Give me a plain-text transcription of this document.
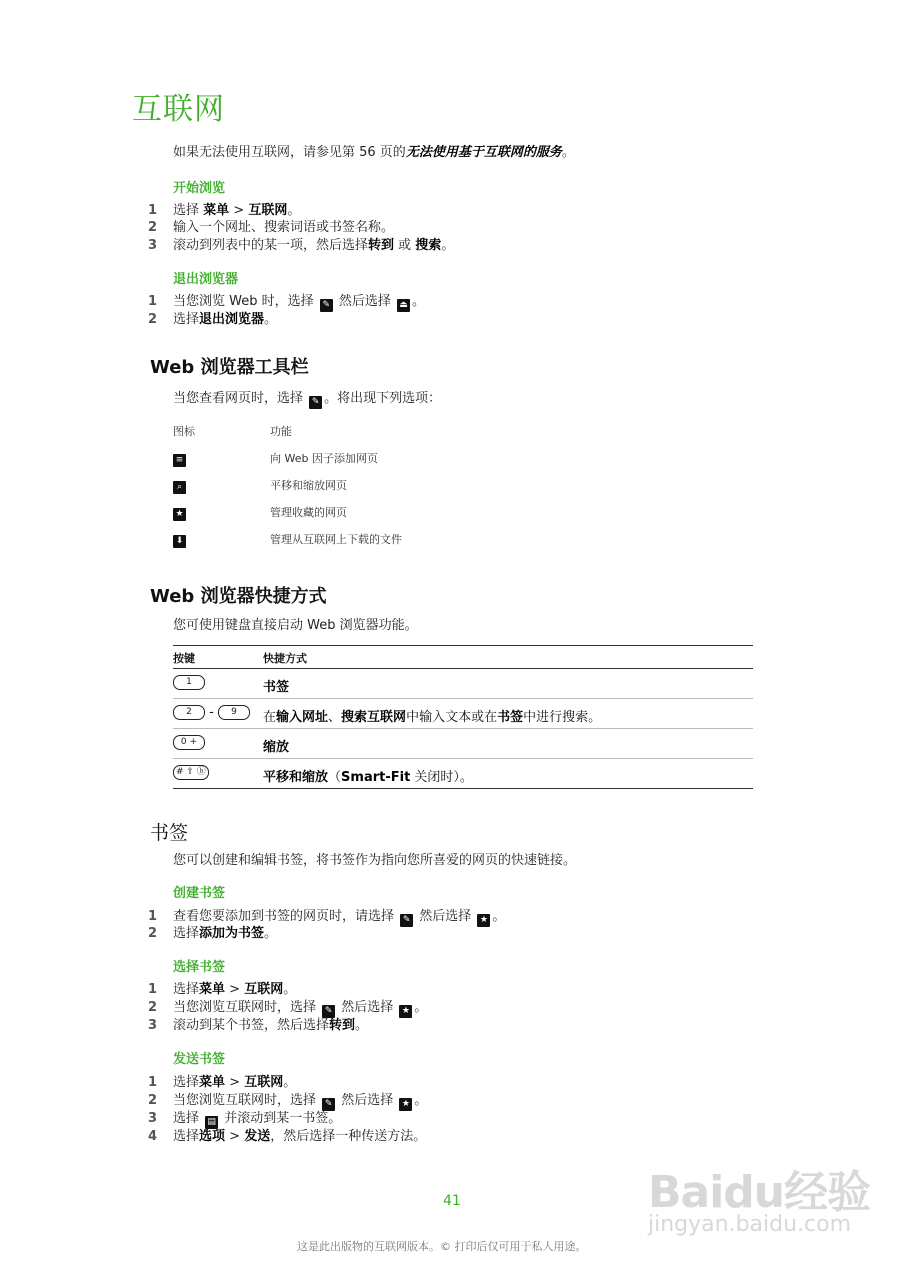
互联网
如果无法使用互联网，请参见第 56 页的无法使用基于互联网的服务。
开始浏览
1 选择 菜单 > 互联网。
2 输入一个网址、搜索词语或书签名称。
3 滚动到列表中的某一项，然后选择转到 或 搜索。
退出浏览器
1 当您浏览 Web 时，选择 ✎ 然后选择 ⏏ 。
2 选择退出浏览器。
Web 浏览器工具栏
当您查看网页时，选择 ✎ 。将出现下列选项：
图标	功能
≡	向 Web 因子添加网页
⌕	平移和缩放网页
★	管理收藏的网页
⬇	管理从互联网上下载的文件
Web 浏览器快捷方式
您可使用键盘直接启动 Web 浏览器功能。
按键	快捷方式
1	书签
2 - 9	在输入网址、搜索互联网中输入文本或在书签中进行搜索。
0 +	缩放
# ⇧ ⓑ	平移和缩放（Smart-Fit 关闭时）。
书签
您可以创建和编辑书签，将书签作为指向您所喜爱的网页的快速链接。
创建书签
1 查看您要添加到书签的网页时，请选择 ✎ 然后选择 ★ 。
2 选择添加为书签。
选择书签
1 选择菜单 > 互联网。
2 当您浏览互联网时，选择 ✎ 然后选择 ★ 。
3 滚动到某个书签，然后选择转到。
发送书签
1 选择菜单 > 互联网。
2 当您浏览互联网时，选择 ✎ 然后选择 ★ 。
3 选择 ▤ 并滚动到某一书签。
4 选择选项 > 发送，然后选择一种传送方法。
Baidu经验
jingyan.baidu.com
41
这是此出版物的互联网版本。© 打印后仅可用于私人用途。
